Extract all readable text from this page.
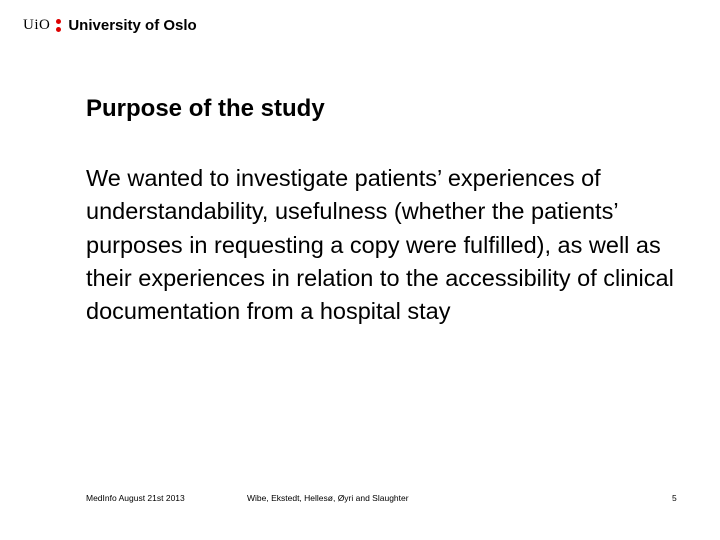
UiO University of Oslo
Purpose of the study

We wanted to investigate patients’ experiences of understandability, usefulness (whether the patients’ purposes in requesting a copy were fulfilled), as well as their experiences in relation to the accessibility of clinical documentation from a hospital stay

MedInfo August 21st 2013	Wibe, Ekstedt, Hellesø, Øyri and Slaughter	5
